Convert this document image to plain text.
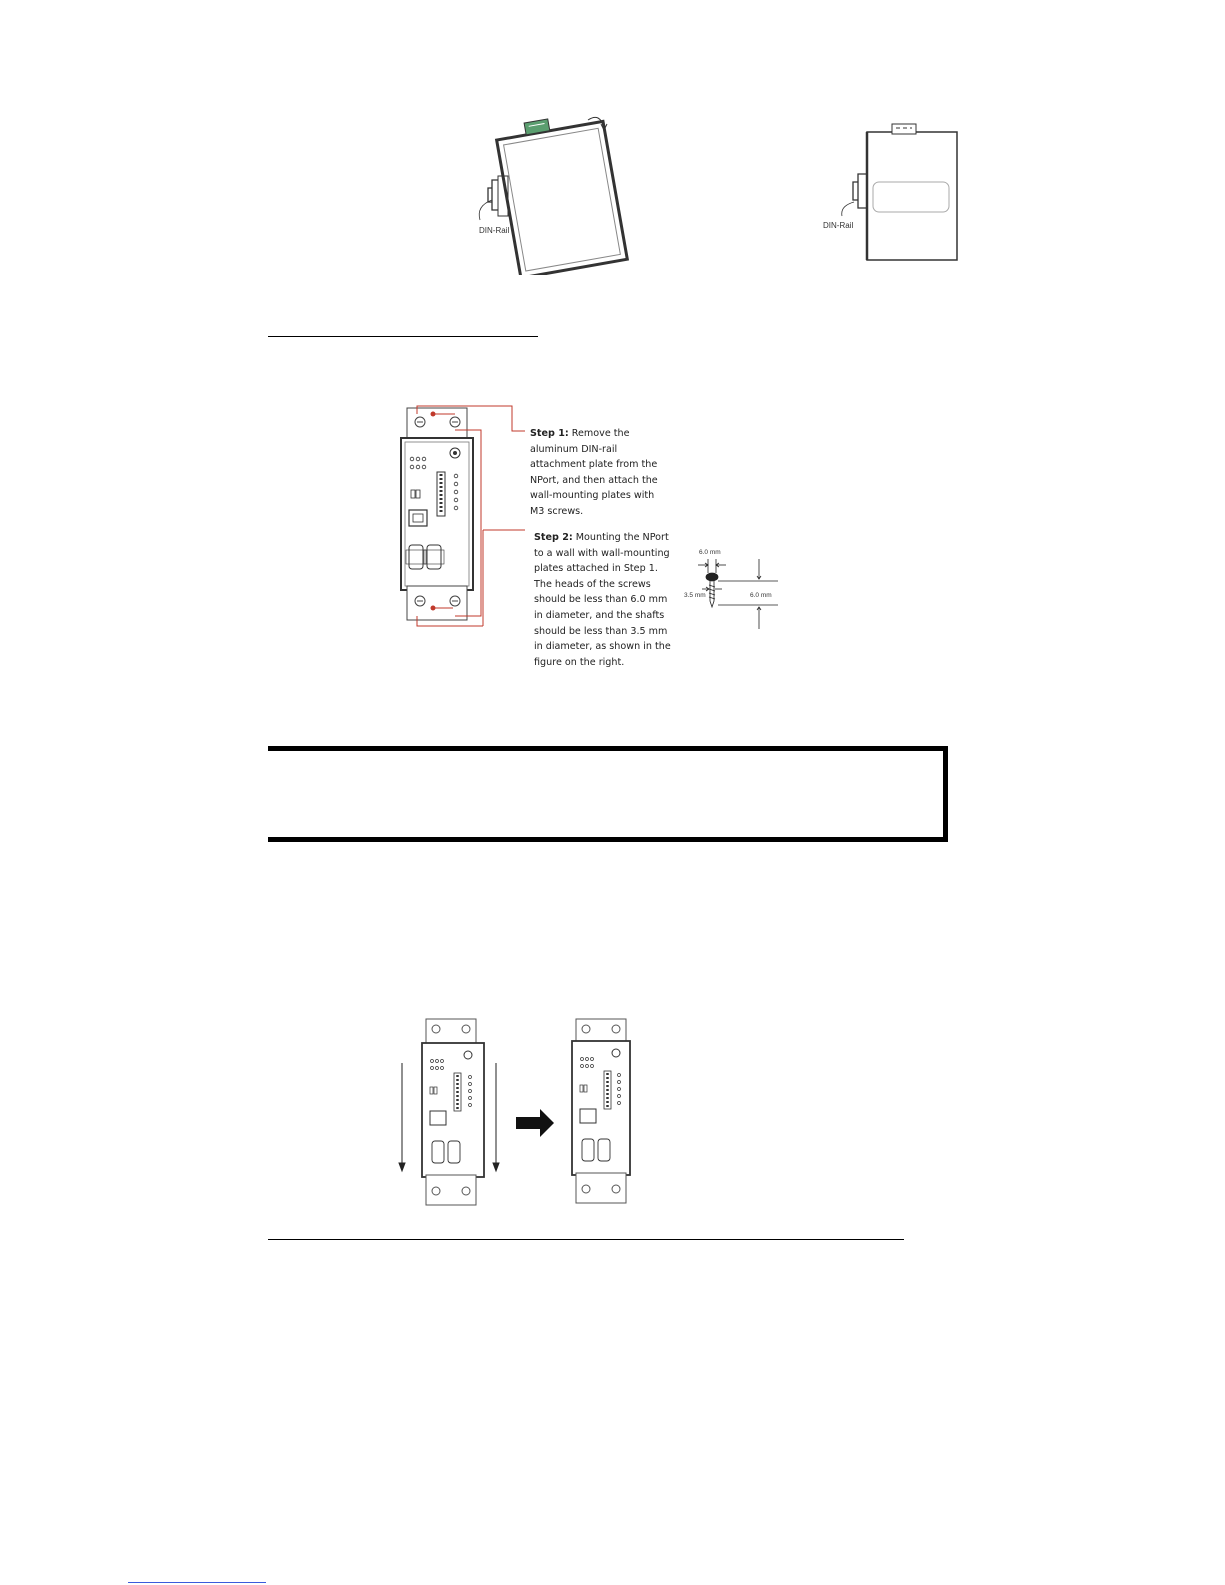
DIN-Rail
DIN-Rail
Step 1: Remove the aluminum DIN-rail attachment plate from the NPort, and then attach the wall-mounting plates with M3 screws.
Step 2: Mounting the NPort to a wall with wall-mounting plates attached in Step 1. The heads of the screws should be less than 6.0 mm in diameter, and the shafts should be less than 3.5 mm in diameter, as shown in the figure on the right.
6.0 mm
3.5 mm	6.0 mm
